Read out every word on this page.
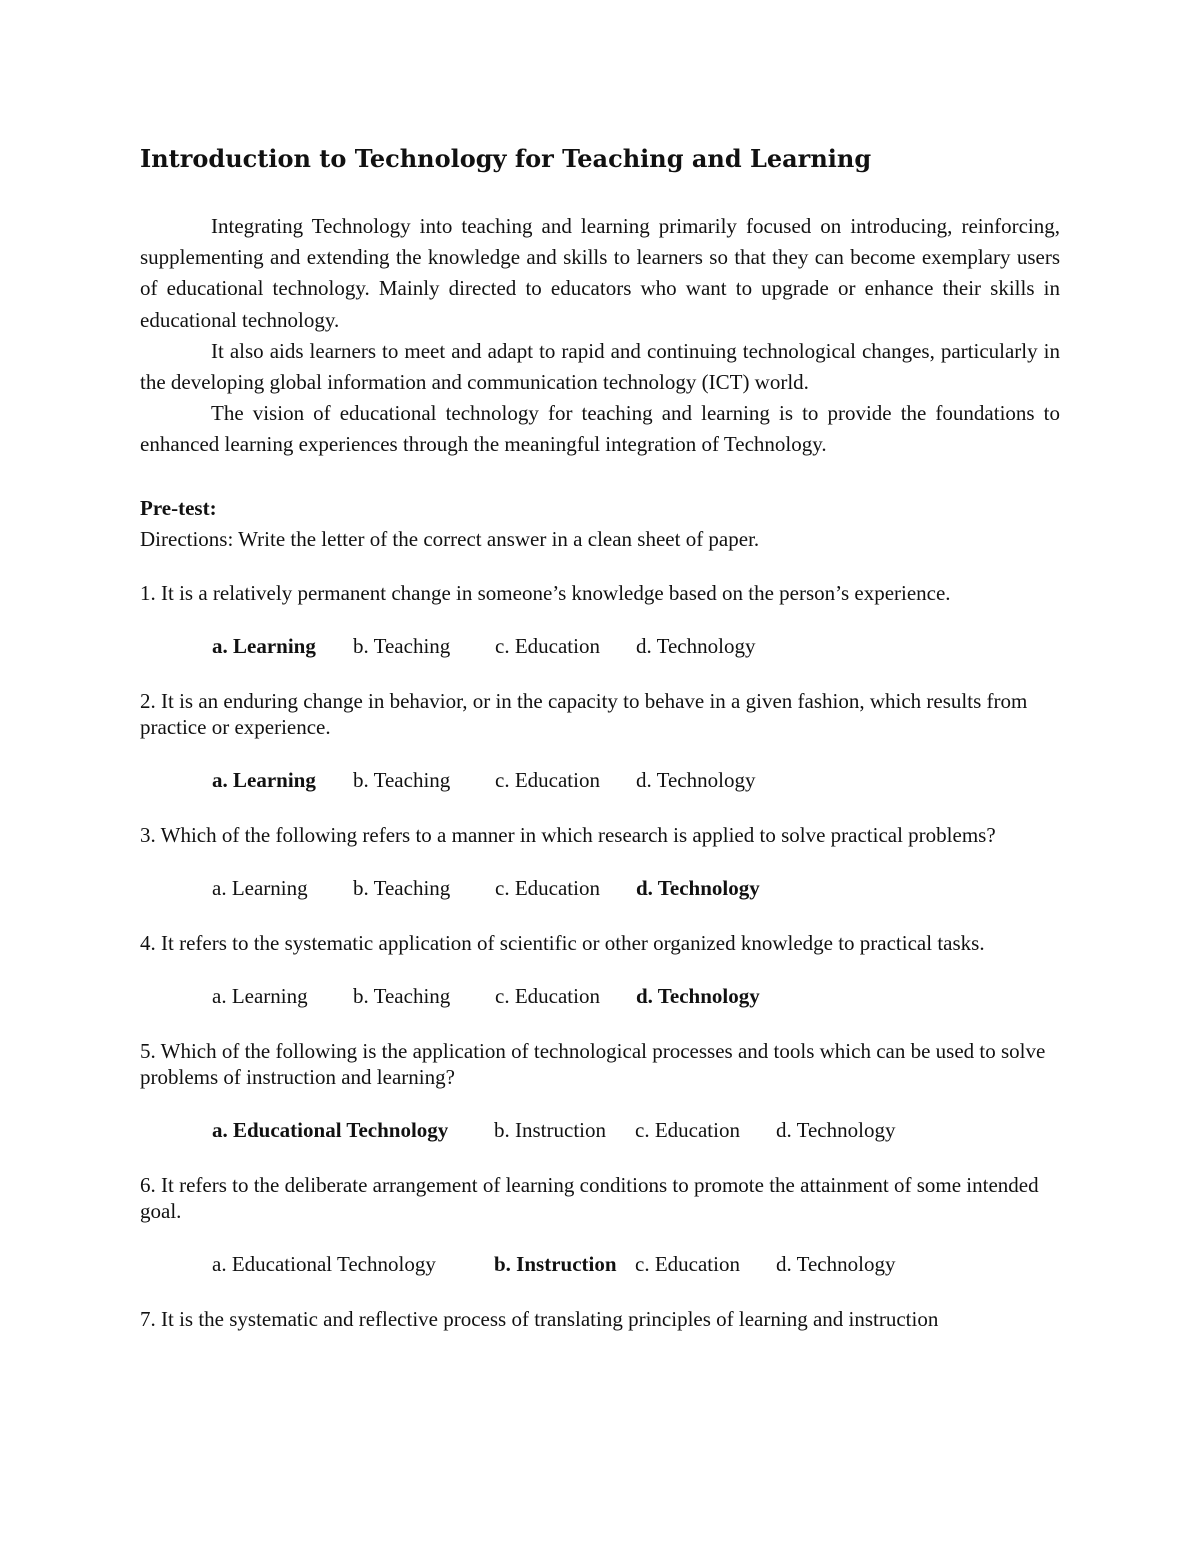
Introduction to Technology for Teaching and Learning

Integrating Technology into teaching and learning primarily focused on introducing, reinforcing, supplementing and extending the knowledge and skills to learners so that they can become exemplary users of educational technology. Mainly directed to educators who want to upgrade or enhance their skills in educational technology.

It also aids learners to meet and adapt to rapid and continuing technological changes, particularly in the developing global information and communication technology (ICT) world.

The vision of educational technology for teaching and learning is to provide the foundations to enhanced learning experiences through the meaningful integration of Technology.

Pre-test:

Directions: Write the letter of the correct answer in a clean sheet of paper.

1. It is a relatively permanent change in someone’s knowledge based on the person’s experience.

a. Learning	b. Teaching	c. Education	d. Technology

2. It is an enduring change in behavior, or in the capacity to behave in a given fashion, which results from practice or experience.

a. Learning	b. Teaching	c. Education	d. Technology

3. Which of the following refers to a manner in which research is applied to solve practical problems?

a. Learning	b. Teaching	c. Education	d. Technology

4. It refers to the systematic application of scientific or other organized knowledge to practical tasks.

a. Learning	b. Teaching	c. Education	d. Technology

5. Which of the following is the application of technological processes and tools which can be used to solve problems of instruction and learning?

a. Educational Technology	b. Instruction	c. Education	d. Technology

6. It refers to the deliberate arrangement of learning conditions to promote the attainment of some intended goal.

a. Educational Technology	b. Instruction c. Education	d. Technology

7. It is the systematic and reflective process of translating principles of learning and instruction
